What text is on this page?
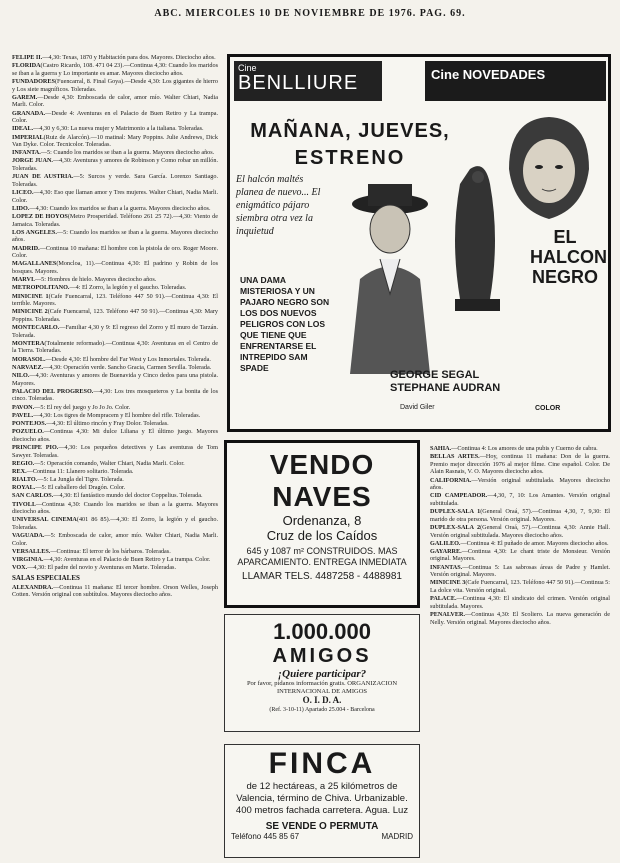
ABC. MIERCOLES 10 DE NOVIEMBRE DE 1976. PAG. 69.

FELIPE II.—4,30: Texas, 1870 y Habitación para dos. Mayores. Dieciocho años.

FLORIDA(Castro Ricardo, 108. 471 04 23).—Continua 4,30: Cuando los maridos se iban a la guerra y Lo importante es amar. Mayores dieciocho años.

FUNDADORES(Fuencarral, 8. Final Goya).—Desde 4,30: Los gigantes de hierro y Los siete magníficos. Toleradas.

GAREM.—Desde 4,30: Emboscada de calor, amor mío. Walter Chiari, Nadia Marli. Color.

GRANADA.—Desde 4: Aventuras en el Palacio de Buen Retiro y La trampa. Color.

IDEAL.—4,30 y 6,30: La nueva mujer y Matrimonio a la italiana. Toleradas.

IMPERIAL(Ruiz de Alarcón).—10 matinal: Mary Poppins. Julie Andrews, Dick Van Dyke. Color. Tecnicolor. Toleradas.

INFANTA.—5: Cuando los maridos se iban a la guerra. Mayores dieciocho años.

JORGE JUAN.—4,30: Aventuras y amores de Robinson y Como robar un millón. Toleradas.

JUAN DE AUSTRIA.—5: Surcos y verde. Sara García. Lorenzo Santiago. Toleradas.

LICEO.—4,30: Eso que llaman amor y Tres mujeres. Walter Chiari, Nadia Marli. Color.

LIDO.—4,30: Cuando los maridos se iban a la guerra. Mayores dieciocho años.

LOPEZ DE HOYOS(Metro Prosperidad. Teléfono 261 25 72).—4,30: Viento de Jamaica. Toleradas.

LOS ANGELES.—5: Cuando los maridos se iban a la guerra. Mayores dieciocho años.

MADRID.—Continua 10 mañana: El hombre con la pistola de oro. Roger Moore. Color.

MAGALLANES(Moncloa, 11).—Continua 4,30: El padrino y Robin de los bosques. Mayores.

MARVI.—5: Hombres de hielo. Mayores dieciocho años.

METROPOLITANO.—4: El Zorro, la legión y el gaucho. Toleradas.

MINICINE 1(Cafe Fuencarral, 123. Teléfono 447 50 91).—Continua 4,30: El terrible. Mayores.

MINICINE 2(Cafe Fuencarral, 123. Teléfono 447 50 91).—Continua 4,30: Mary Poppins. Toleradas.

MONTECARLO.—Familiar 4,30 y 9: El regreso del Zorro y El muro de Tarzán. Tolerada.

MONTERA(Totalmente reformado).—Continua 4,30: Aventuras en el Centro de la Tierra. Toleradas.

MORASOL.—Desde 4,30: El hombre del Far West y Los Inmortales. Tolerada.

NARVAEZ.—4,30: Operación verde. Sancho Gracia, Carmen Sevilla. Tolerada.

NILO.—4,30: Aventuras y amores de Buenavida y Cinco dedos para una pistola. Mayores.

PALACIO DEL PROGRESO.—4,30: Los tres mosqueteros y La bonita de los cinco. Toleradas.

PAVON.—5: El rey del juego y Jo Jo Jo. Color.

PAVEL.—4,30: Los tigres de Mompracem y El hombre del rifle. Toleradas.

PONTEJOS.—4,30: El último rincón y Fray Dolor. Toleradas.

POZUELO.—Continua 4,30: Mi dulce Liliana y El último juego. Mayores dieciocho años.

PRINCIPE PIO.—4,30: Los pequeños detectives y Las aventuras de Tom Sawyer. Toleradas.

REGIO.—5: Operación comando, Walter Chiari, Nadia Marli. Color.

REX.—Continua 11: Llanero solitario. Tolerada.

RIALTO.—5: La Jungla del Tigre. Tolerada.

ROYAL.—5: El caballero del Dragón. Color.

SAN CARLOS.—4,30: El fantástico mundo del doctor Coppelius. Tolerada.

TIVOLI.—Continua 4,30: Cuando los maridos se iban a la guerra. Mayores dieciocho años.

UNIVERSAL CINEMA(401 86 85).—4,30: El Zorro, la legión y el gaucho. Toleradas.

VAGUADA.—5: Emboscada de calor, amor mío. Walter Chiari, Nadia Marli. Color.

VERSALLES.—Continua: El terror de los bárbaros. Toleradas.

VIRGINIA.—4,30: Aventuras en el Palacio de Buen Retiro y La trampa. Color.

VOX.—4,30: El padre del novio y Aventuras en Marte. Toleradas.

SALAS ESPECIALES

ALEXANDRA.—Continua 11 mañana: El tercer hombre. Orson Welles, Joseph Cotten. Versión original con subtítulos. Mayores dieciocho años.

Cine
BENLLIURE	Cine NOVEDADES
MAÑANA, JUEVES,
ESTRENO
El halcón maltés planea de nuevo... El enigmático pájaro siembra otra vez la inquietud
UNA DAMA MISTERIOSA Y UN PAJARO NEGRO SON LOS DOS NUEVOS PELIGROS CON LOS QUE TIENE QUE ENFRENTARSE EL INTREPIDO SAM SPADE
EL
HALCON
NEGRO
GEORGE SEGAL
STEPHANE AUDRAN
David Giler	COLOR
VENDO NAVES
Ordenanza, 8
Cruz de los Caídos
645 y 1087 m² CONSTRUIDOS. MAS APARCAMIENTO. ENTREGA INMEDIATA
LLAMAR TELS. 4487258 - 4488981
1.000.000
AMIGOS
¡Quiere participar?
Por favor, pídanos información gratis. ORGANIZACION INTERNACIONAL DE AMIGOS
O. I. D. A.
(Ref. 3-10-11) Apartado 25.004 - Barcelona
FINCA
de 12 hectáreas, a 25 kilómetros de Valencia, término de Chiva. Urbanizable. 400 metros fachada carretera. Agua. Luz
SE VENDE O PERMUTA
Teléfono 445 85 67	MADRID

SAHIA.—Continua 4: Los amores de una pubis y Cuerno de cabra.

BELLAS ARTES.—Hoy, continua 11 mañana: Don de la guerra. Premio mejor dirección 1976 al mejor filme. Cine español. Color. De Alain Rasnais, V. O. Mayores dieciocho años.

CALIFORNIA.—Versión original subtitulada. Mayores dieciocho años.

CID CAMPEADOR.—4,30, 7, 10: Los Amantes. Versión original subtitulada.

DUPLEX-SALA 1(General Oraá, 57).—Continua 4,30, 7, 9,30: El marido de otra persona. Versión original. Mayores.

DUPLEX-SALA 2(General Oraá, 57).—Continua 4,30: Annie Hall. Versión original subtitulada. Mayores dieciocho años.

GALILEO.—Continua 4: El puñado de amor. Mayores dieciocho años.

GAYARRE.—Continua 4,30: Le chant triste de Monsieur. Versión original. Mayores.

INFANTAS.—Continua 5: Las sabrosas áreas de Padre y Hamlet. Versión original. Mayores.

MINICINE 3(Cafe Fuencarral, 123. Teléfono 447 50 91).—Continua 5: La dolce vita. Versión original.

PALACE.—Continua 4,30: El sindicato del crimen. Versión original subtitulada. Mayores.

PENALVER.—Continua 4,30: El Scoliero. La nueva generación de Nelly. Versión original. Mayores dieciocho años.
